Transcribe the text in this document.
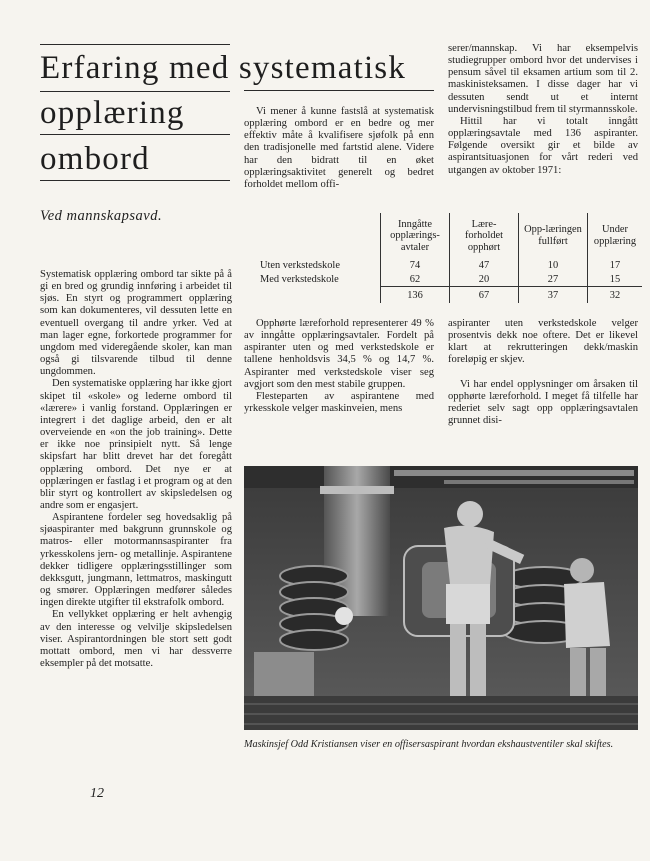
Erfaring med systematisk
opplæring
ombord
Ved mannskapsavd.

Systematisk opplæring ombord tar sikte på å gi en bred og grundig innføring i arbeidet til sjøs. En styrt og programmert opplæring som kan dokumenteres, vil dessuten lette en eventuell overgang til andre yrker. Ved at man lager egne, forkortede programmer for ungdom med videregående skoler, kan man også gi tilsvarende tilbud til denne ungdommen.

Den systematiske opplæring har ikke gjort skipet til «skole» og lederne ombord til «lærere» i vanlig forstand. Opplæringen er integrert i det daglige arbeid, den er alt overveiende en «on the job training». Dette er ikke noe prinsipielt nytt. Så lenge skipsfart har blitt drevet har det foregått opplæring ombord. Det nye er at opplæringen er fastlag i et program og at den blir styrt og kontrollert av skipsledelsen og andre som er engasjert.

Aspirantene fordeler seg hovedsaklig på sjøaspiranter med bakgrunn grunnskole og matros- eller motormannsaspiranter fra yrkesskolens jern- og metallinje. Aspirantene dekker tidligere opplæringsstillinger som dekksgutt, jungmann, lettmatros, maskingutt og smører. Opplæringen medfører således ingen direkte utgifter til ekstrafolk ombord.

En vellykket opplæring er helt avhengig av den interesse og velvilje skipsledelsen viser. Aspirantordningen ble stort sett godt mottatt ombord, men vi har dessverre eksempler på det motsatte.

Vi mener å kunne fastslå at systematisk opplæring ombord er en bedre og mer effektiv måte å kvalifisere sjøfolk på enn den tradisjonelle med fartstid alene. Videre har den bidratt til en øket opplæringsaktivitet generelt og bedret forholdet mellom offi-

serer/mannskap. Vi har eksempelvis studiegrupper ombord hvor det undervises i pensum såvel til eksamen artium som til 2. maskinisteksamen. I disse dager har vi dessuten sendt ut et internt undervisningstilbud frem til styrmannsskole.

Hittil har vi totalt inngått opplæringsavtale med 136 aspiranter. Følgende oversikt gir et bilde av aspirantsituasjonen for vårt rederi ved utgangen av oktober 1971:

	Inngåtte opplærings-avtaler	Lære-forholdet opphørt	Opp-læringen fullført	Under opplæring
Uten verkstedskole	74	47	10	17
Med verkstedskole	62	20	27	15
	136	67	37	32

Opphørte læreforhold representerer 49 % av inngåtte opplæringsavtaler. Fordelt på aspiranter uten og med verkstedskole er tallene henholdsvis 34,5 % og 14,7 %. Aspiranter med verkstedskole viser seg avgjort som den mest stabile gruppen.

Flesteparten av aspirantene med yrkesskole velger maskinveien, mens

aspiranter uten verkstedskole velger prosentvis dekk noe oftere. Det er likevel klart at rekrutteringen dekk/maskin foreløpig er skjev.

Vi har endel opplysninger om årsaken til opphørte læreforhold. I meget få tilfelle har rederiet selv sagt opp opplæringsavtalen grunnet disi-

Maskinsjef Odd Kristiansen viser en offisersaspirant hvordan ekshaustventiler skal skiftes.
12
